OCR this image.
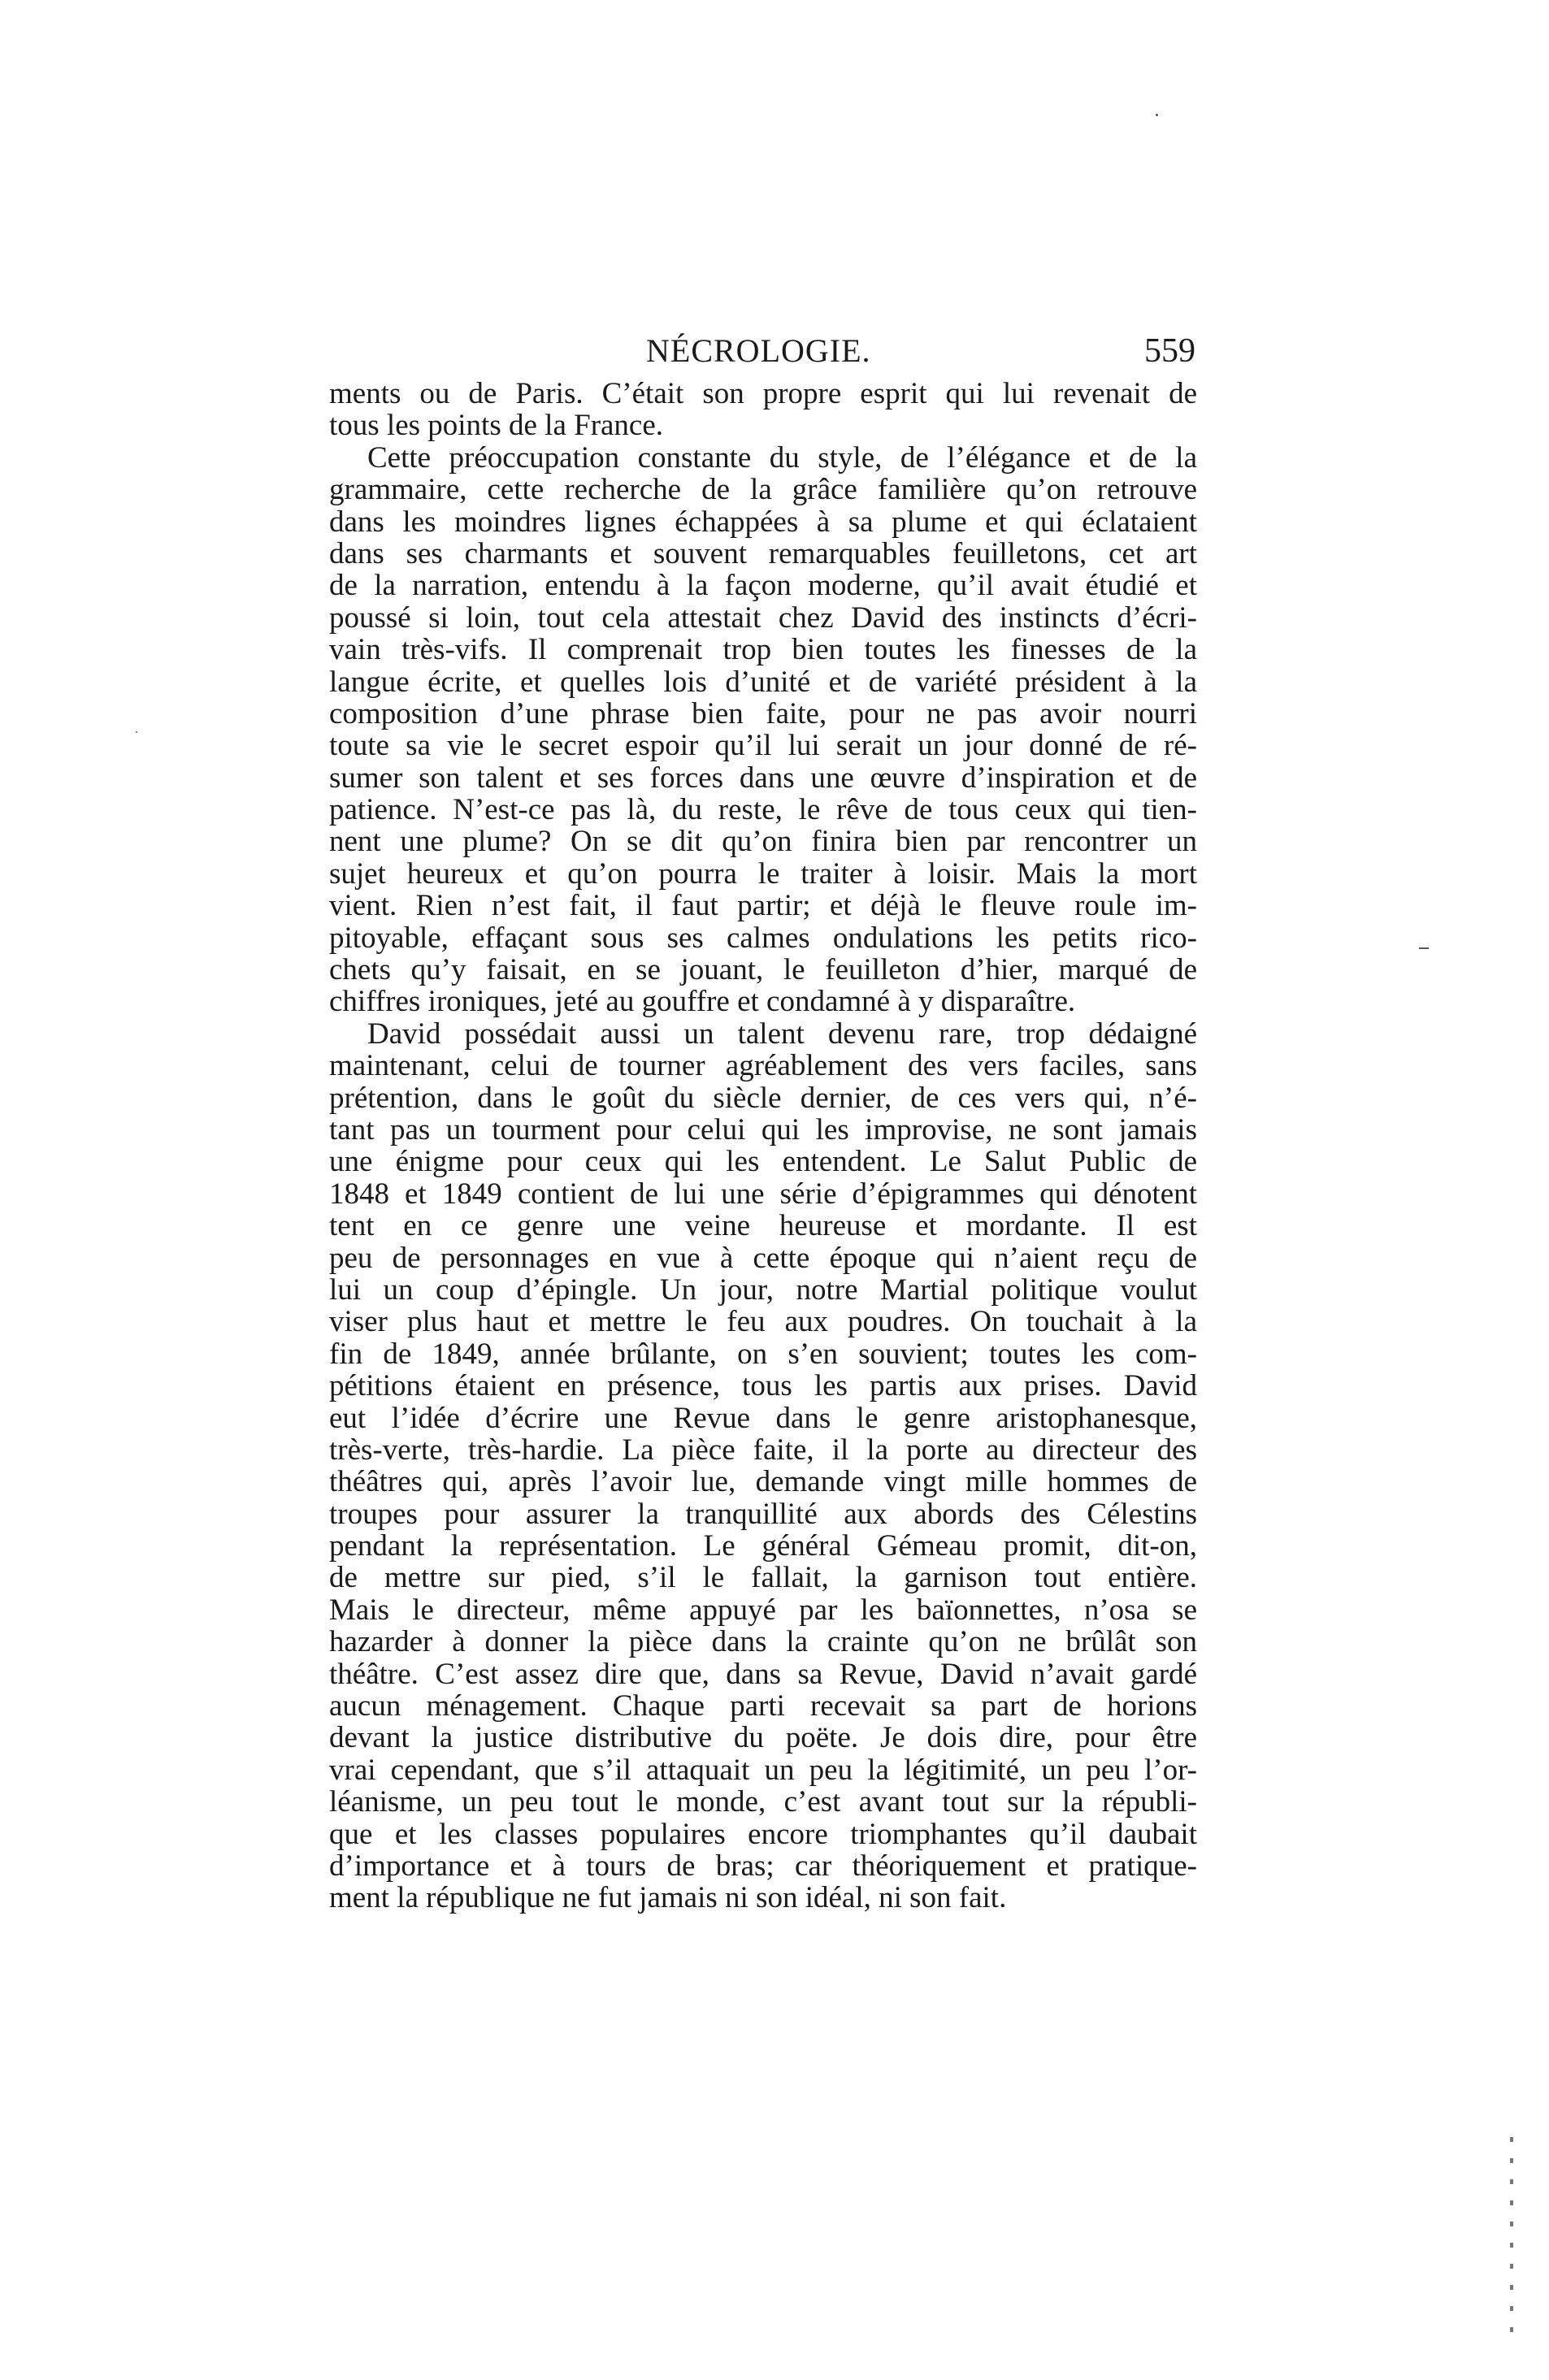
NÉCROLOGIE.	559
ments ou de Paris. C’était son propre esprit qui lui revenait de
tous les points de la France.
Cette préoccupation constante du style, de l’élégance et de la
grammaire, cette recherche de la grâce familière qu’on retrouve
dans les moindres lignes échappées à sa plume et qui éclataient
dans ses charmants et souvent remarquables feuilletons, cet art
de la narration, entendu à la façon moderne, qu’il avait étudié et
poussé si loin, tout cela attestait chez David des instincts d’écri-
vain très-vifs. Il comprenait trop bien toutes les finesses de la
langue écrite, et quelles lois d’unité et de variété président à la
composition d’une phrase bien faite, pour ne pas avoir nourri
toute sa vie le secret espoir qu’il lui serait un jour donné de ré-
sumer son talent et ses forces dans une œuvre d’inspiration et de
patience. N’est-ce pas là, du reste, le rêve de tous ceux qui tien-
nent une plume? On se dit qu’on finira bien par rencontrer un
sujet heureux et qu’on pourra le traiter à loisir. Mais la mort
vient. Rien n’est fait, il faut partir; et déjà le fleuve roule im-
pitoyable, effaçant sous ses calmes ondulations les petits rico-
chets qu’y faisait, en se jouant, le feuilleton d’hier, marqué de
chiffres ironiques, jeté au gouffre et condamné à y disparaître.
David possédait aussi un talent devenu rare, trop dédaigné
maintenant, celui de tourner agréablement des vers faciles, sans
prétention, dans le goût du siècle dernier, de ces vers qui, n’é-
tant pas un tourment pour celui qui les improvise, ne sont jamais
une énigme pour ceux qui les entendent. Le Salut Public de
1848 et 1849 contient de lui une série d’épigrammes qui dénotent
tent en ce genre une veine heureuse et mordante. Il est
peu de personnages en vue à cette époque qui n’aient reçu de
lui un coup d’épingle. Un jour, notre Martial politique voulut
viser plus haut et mettre le feu aux poudres. On touchait à la
fin de 1849, année brûlante, on s’en souvient; toutes les com-
pétitions étaient en présence, tous les partis aux prises. David
eut l’idée d’écrire une Revue dans le genre aristophanesque,
très-verte, très-hardie. La pièce faite, il la porte au directeur des
théâtres qui, après l’avoir lue, demande vingt mille hommes de
troupes pour assurer la tranquillité aux abords des Célestins
pendant la représentation. Le général Gémeau promit, dit-on,
de mettre sur pied, s’il le fallait, la garnison tout entière.
Mais le directeur, même appuyé par les baïonnettes, n’osa se
hazarder à donner la pièce dans la crainte qu’on ne brûlât son
théâtre. C’est assez dire que, dans sa Revue, David n’avait gardé
aucun ménagement. Chaque parti recevait sa part de horions
devant la justice distributive du poëte. Je dois dire, pour être
vrai cependant, que s’il attaquait un peu la légitimité, un peu l’or-
léanisme, un peu tout le monde, c’est avant tout sur la républi-
que et les classes populaires encore triomphantes qu’il daubait
d’importance et à tours de bras; car théoriquement et pratique-
ment la république ne fut jamais ni son idéal, ni son fait.
